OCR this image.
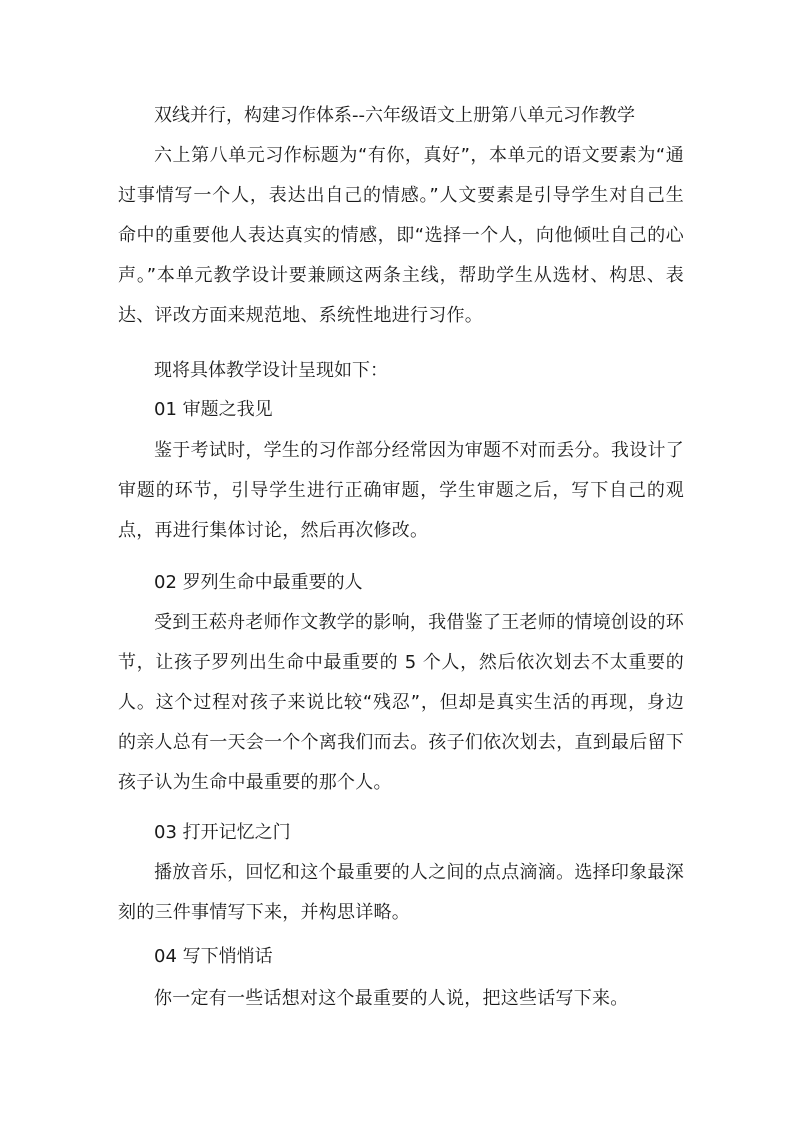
双线并行，构建习作体系--六年级语文上册第八单元习作教学

六上第八单元习作标题为“有你，真好”，本单元的语文要素为“通过事情写一个人，表达出自己的情感。”人文要素是引导学生对自己生命中的重要他人表达真实的情感，即“选择一个人，向他倾吐自己的心声。”本单元教学设计要兼顾这两条主线，帮助学生从选材、构思、表达、评改方面来规范地、系统性地进行习作。

现将具体教学设计呈现如下：

01 审题之我见

鉴于考试时，学生的习作部分经常因为审题不对而丢分。我设计了审题的环节，引导学生进行正确审题，学生审题之后，写下自己的观点，再进行集体讨论，然后再次修改。

02 罗列生命中最重要的人

受到王菘舟老师作文教学的影响，我借鉴了王老师的情境创设的环节，让孩子罗列出生命中最重要的 5 个人，然后依次划去不太重要的人。这个过程对孩子来说比较“残忍”，但却是真实生活的再现，身边的亲人总有一天会一个个离我们而去。孩子们依次划去，直到最后留下孩子认为生命中最重要的那个人。

03 打开记忆之门

播放音乐，回忆和这个最重要的人之间的点点滴滴。选择印象最深刻的三件事情写下来，并构思详略。

04 写下悄悄话

你一定有一些话想对这个最重要的人说，把这些话写下来。
